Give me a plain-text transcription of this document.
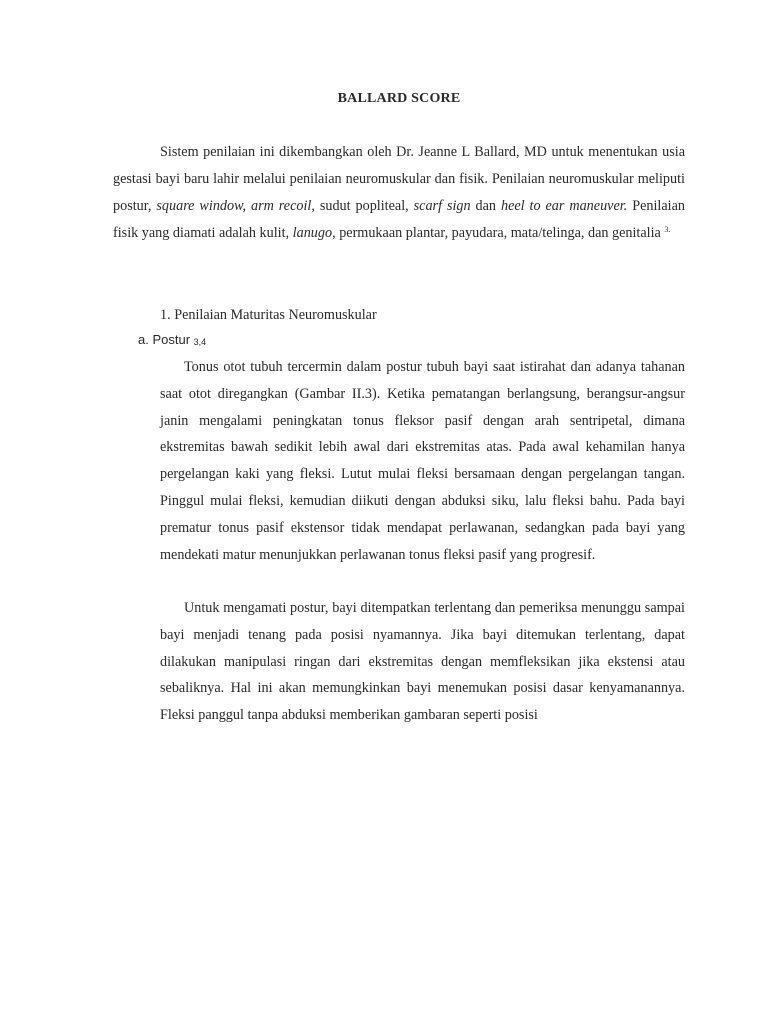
BALLARD SCORE

Sistem penilaian ini dikembangkan oleh Dr. Jeanne L Ballard, MD untuk menentukan usia gestasi bayi baru lahir melalui penilaian neuromuskular dan fisik. Penilaian neuromuskular meliputi postur, square window, arm recoil, sudut popliteal, scarf sign dan heel to ear maneuver. Penilaian fisik yang diamati adalah kulit, lanugo, permukaan plantar, payudara, mata/telinga, dan genitalia $^{3.}$

1. Penilaian Maturitas Neuromuskular

a. Postur 3,4

Tonus otot tubuh tercermin dalam postur tubuh bayi saat istirahat dan adanya tahanan saat otot diregangkan (Gambar II.3). Ketika pematangan berlangsung, berangsur-angsur janin mengalami peningkatan tonus fleksor pasif dengan arah sentripetal, dimana ekstremitas bawah sedikit lebih awal dari ekstremitas atas. Pada awal kehamilan hanya pergelangan kaki yang fleksi. Lutut mulai fleksi bersamaan dengan pergelangan tangan. Pinggul mulai fleksi, kemudian diikuti dengan abduksi siku, lalu fleksi bahu. Pada bayi prematur tonus pasif ekstensor tidak mendapat perlawanan, sedangkan pada bayi yang mendekati matur menunjukkan perlawanan tonus fleksi pasif yang progresif.

Untuk mengamati postur, bayi ditempatkan terlentang dan pemeriksa menunggu sampai bayi menjadi tenang pada posisi nyamannya. Jika bayi ditemukan terlentang, dapat dilakukan manipulasi ringan dari ekstremitas dengan memfleksikan jika ekstensi atau sebaliknya. Hal ini akan memungkinkan bayi menemukan posisi dasar kenyamanannya. Fleksi panggul tanpa abduksi memberikan gambaran seperti posisi
